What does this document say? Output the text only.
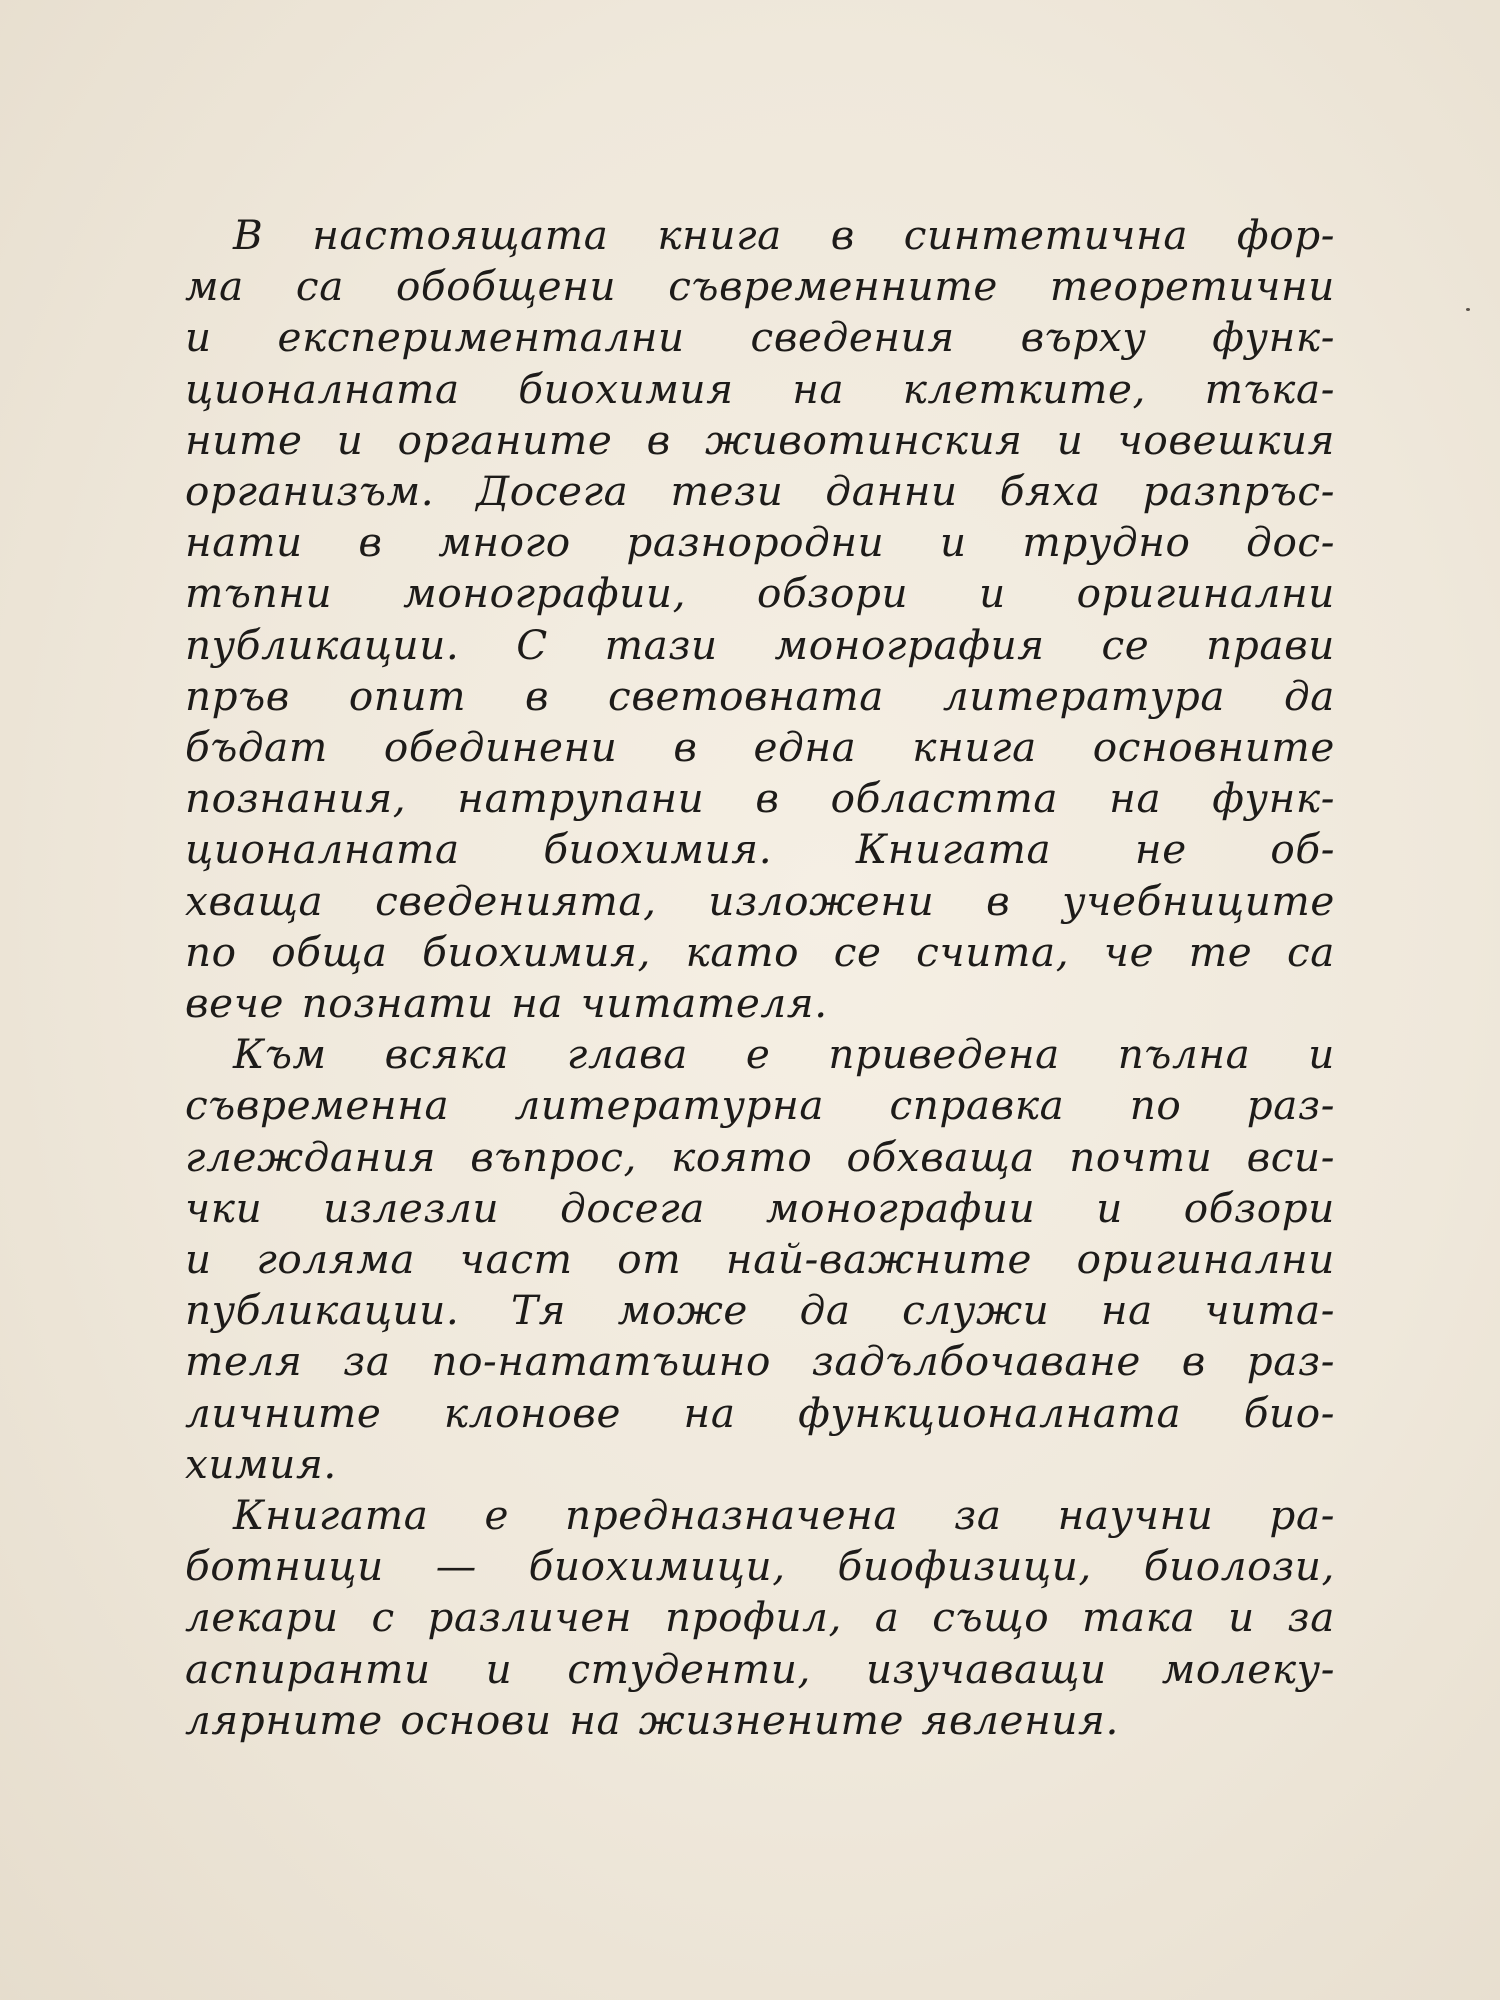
В настоящата книга в синтетична фор-
ма са обобщени съвременните теоретични
и експериментални сведения върху функ-
ционалната биохимия на клетките, тъка-
ните и органите в животинския и човешкия
организъм. Досега тези данни бяха разпръс-
нати в много разнородни и трудно дос-
тъпни монографии, обзори и оригинални
публикации. С тази монография се прави
пръв опит в световната литература да
бъдат обединени в една книга основните
познания, натрупани в областта на функ-
ционалната биохимия. Книгата не об-
хваща сведенията, изложени в учебниците
по обща биохимия, като се счита, че те са
вече познати на читателя.
Към всяка глава е приведена пълна и
съвременна литературна справка по раз-
глеждания въпрос, която обхваща почти вси-
чки излезли досега монографии и обзори
и голяма част от най-важните оригинални
публикации. Тя може да служи на чита-
теля за по-нататъшно задълбочаване в раз-
личните клонове на функционалната био-
химия.
Книгата е предназначена за научни ра-
ботници — биохимици, биофизици, биолози,
лекари с различен профил, а също така и за
аспиранти и студенти, изучаващи молеку-
лярните основи на жизнените явления.
